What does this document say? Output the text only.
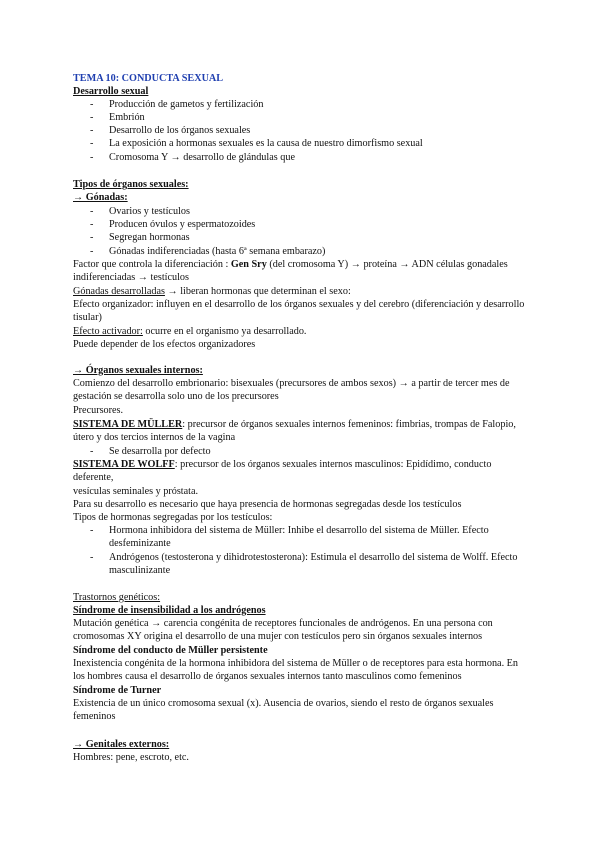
TEMA 10: CONDUCTA SEXUAL
Desarrollo sexual
- Producción de gametos y fertilización
- Embrión
- Desarrollo de los órganos sexuales
- La exposición a hormonas sexuales es la causa de nuestro dimorfismo sexual
- Cromosoma Y → desarrollo de glándulas que
Tipos de órganos sexuales:
→ Gónadas:
- Ovarios y testículos
- Producen óvulos y espermatozoides
- Segregan hormonas
- Gónadas indiferenciadas (hasta 6ª semana embarazo)
Factor que controla la diferenciación : Gen Sry (del cromosoma Y) → proteína → ADN células gonadales indiferenciadas → testículos
Gónadas desarrolladas → liberan hormonas que determinan el sexo:
Efecto organizador: influyen en el desarrollo de los órganos sexuales y del cerebro (diferenciación y desarrollo tisular)
Efecto activador: ocurre en el organismo ya desarrollado.
Puede depender de los efectos organizadores
→ Órganos sexuales internos:
Comienzo del desarrollo embrionario: bisexuales (precursores de ambos sexos) → a partir de tercer mes de gestación se desarrolla solo uno de los precursores
Precursores.
SISTEMA DE MÜLLER: precursor de órganos sexuales internos femeninos: fimbrias, trompas de Falopio, útero y dos tercios internos de la vagina
- Se desarrolla por defecto
SISTEMA DE WOLFF: precursor de los órganos sexuales internos masculinos: Epidídimo, conducto deferente,
vesículas seminales y próstata.
Para su desarrollo es necesario que haya presencia de hormonas segregadas desde los testículos
Tipos de hormonas segregadas por los testículos:
- Hormona inhibidora del sistema de Müller: Inhibe el desarrollo del sistema de Müller. Efecto desfeminizante
- Andrógenos (testosterona y dihidrotestosterona): Estimula el desarrollo del sistema de Wolff. Efecto masculinizante
Trastornos genéticos:
Síndrome de insensibilidad a los andrógenos
Mutación genética → carencia congénita de receptores funcionales de andrógenos. En una persona con cromosomas XY origina el desarrollo de una mujer con testículos pero sin órganos sexuales internos
Síndrome del conducto de Müller persistente
Inexistencia congénita de la hormona inhibidora del sistema de Müller o de receptores para esta hormona. En los hombres causa el desarrollo de órganos sexuales internos tanto masculinos como femeninos
Síndrome de Turner
Existencia de un único cromosoma sexual (x). Ausencia de ovarios, siendo el resto de órganos sexuales femeninos
→ Genitales externos:
Hombres: pene, escroto, etc.
